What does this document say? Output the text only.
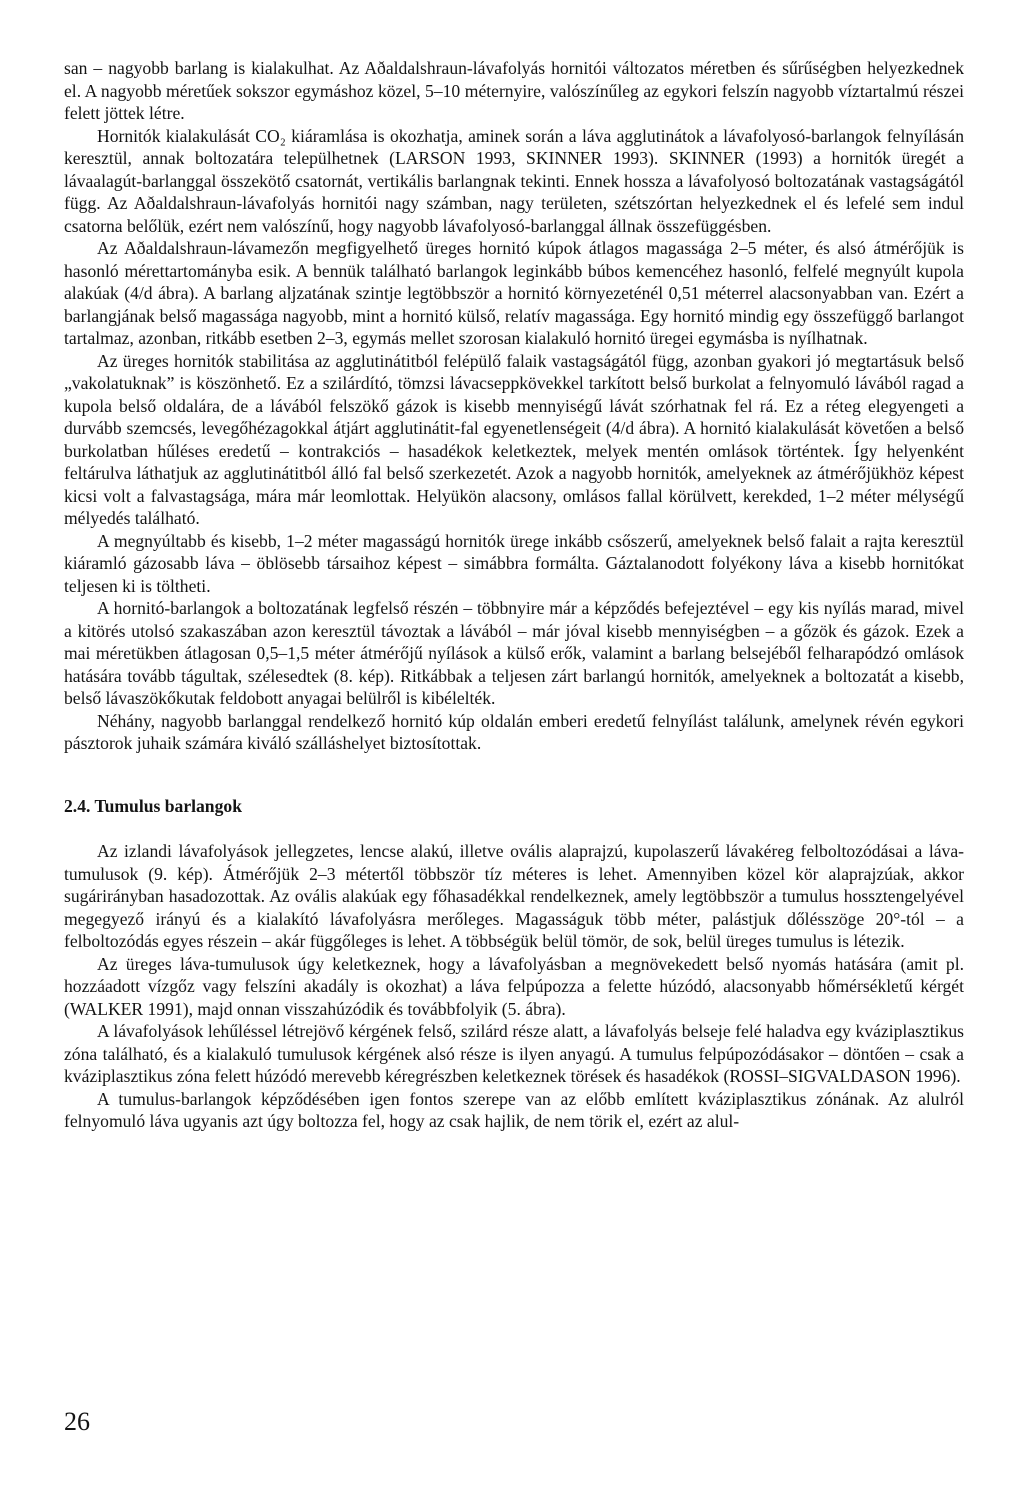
san – nagyobb barlang is kialakulhat. Az Aðaldalshraun-lávafolyás hornitói változatos méretben és sűrűségben helyezkednek el. A nagyobb méretűek sokszor egymáshoz közel, 5–10 méternyire, valószínűleg az egykori felszín nagyobb víztartalmú részei felett jöttek létre.

Hornitók kialakulását CO₂ kiáramlása is okozhatja, aminek során a láva agglutinátok a lávafolyosó-barlangok felnyílásán keresztül, annak boltozatára települhetnek (LARSON 1993, SKINNER 1993). SKINNER (1993) a hornitók üregét a lávaalagút-barlanggal összekötő csatornát, vertikális barlangnak tekinti. Ennek hossza a lávafolyosó boltozatának vastagságától függ. Az Aðaldalshraun-lávafolyás hornitói nagy számban, nagy területen, szétszórtan helyezkednek el és lefelé sem indul csatorna belőlük, ezért nem valószínű, hogy nagyobb lávafolyosó-barlanggal állnak összefüggésben.

Az Aðaldalshraun-lávamezőn megfigyelhető üreges hornitó kúpok átlagos magassága 2–5 méter, és alsó átmérőjük is hasonló mérettartományba esik. A bennük található barlangok leginkább búbos kemencéhez hasonló, felfelé megnyúlt kupola alakúak (4/d ábra). A barlang aljzatának szintje legtöbbször a hornitó környezeténél 0,51 méterrel alacsonyabban van. Ezért a barlangjának belső magassága nagyobb, mint a hornitó külső, relatív magassága. Egy hornitó mindig egy összefüggő barlangot tartalmaz, azonban, ritkább esetben 2–3, egymás mellet szorosan kialakuló hornitó üregei egymásba is nyílhatnak.

Az üreges hornitók stabilitása az agglutinátitból felépülő falaik vastagságától függ, azonban gyakori jó megtartásuk belső „vakolatuknak” is köszönhető. Ez a szilárdító, tömzsi lávacseppkövekkel tarkított belső burkolat a felnyomuló lávából ragad a kupola belső oldalára, de a lávából felszökő gázok is kisebb mennyiségű lávát szórhatnak fel rá. Ez a réteg elegyengeti a durvább szemcsés, levegőhézagokkal átjárt agglutinátit-fal egyenetlenségeit (4/d ábra). A hornitó kialakulását követően a belső burkolatban hűléses eredetű – kontrakciós – hasadékok keletkeztek, melyek mentén omlások történtek. Így helyenként feltárulva láthatjuk az agglutinátitból álló fal belső szerkezetét. Azok a nagyobb hornitók, amelyeknek az átmérőjükhöz képest kicsi volt a falvastagsága, mára már leomlottak. Helyükön alacsony, omlásos fallal körülvett, kerekded, 1–2 méter mélységű mélyedés található.

A megnyúltabb és kisebb, 1–2 méter magasságú hornitók ürege inkább csőszerű, amelyeknek belső falait a rajta keresztül kiáramló gázosabb láva – öblösebb társaihoz képest – simábbra formálta. Gáztalanodott folyékony láva a kisebb hornitókat teljesen ki is töltheti.

A hornitó-barlangok a boltozatának legfelső részén – többnyire már a képződés befejeztével – egy kis nyílás marad, mivel a kitörés utolsó szakaszában azon keresztül távoztak a lávából – már jóval kisebb mennyiségben – a gőzök és gázok. Ezek a mai méretükben átlagosan 0,5–1,5 méter átmérőjű nyílások a külső erők, valamint a barlang belsejéből felharapódzó omlások hatására tovább tágultak, szélesedtek (8. kép). Ritkábbak a teljesen zárt barlangú hornitók, amelyeknek a boltozatát a kisebb, belső lávaszökőkutak feldobott anyagai belülről is kibélelték.

Néhány, nagyobb barlanggal rendelkező hornitó kúp oldalán emberi eredetű felnyílást találunk, amelynek révén egykori pásztorok juhaik számára kiváló szálláshelyet biztosítottak.

2.4. Tumulus barlangok

Az izlandi lávafolyások jellegzetes, lencse alakú, illetve ovális alaprajzú, kupolaszerű lávakéreg felboltozódásai a láva-tumulusok (9. kép). Átmérőjük 2–3 métertől többször tíz méteres is lehet. Amennyiben közel kör alaprajzúak, akkor sugárirányban hasadozottak. Az ovális alakúak egy főhasadékkal rendelkeznek, amely legtöbbször a tumulus hossztengelyével megegyező irányú és a kialakító lávafolyásra merőleges. Magasságuk több méter, palástjuk dőlésszöge 20°-tól – a felboltozódás egyes részein – akár függőleges is lehet. A többségük belül tömör, de sok, belül üreges tumulus is létezik.

Az üreges láva-tumulusok úgy keletkeznek, hogy a lávafolyásban a megnövekedett belső nyomás hatására (amit pl. hozzáadott vízgőz vagy felszíni akadály is okozhat) a láva felpúpozza a felette húzódó, alacsonyabb hőmérsékletű kérgét (WALKER 1991), majd onnan visszahúzódik és továbbfolyik (5. ábra).

A lávafolyások lehűléssel létrejövő kérgének felső, szilárd része alatt, a lávafolyás belseje felé haladva egy kváziplasztikus zóna található, és a kialakuló tumulusok kérgének alsó része is ilyen anyagú. A tumulus felpúpozódásakor – döntően – csak a kváziplasztikus zóna felett húzódó merevebb kéregrészben keletkeznek törések és hasadékok (ROSSI–SIGVALDASON 1996).

A tumulus-barlangok képződésében igen fontos szerepe van az előbb említett kváziplasztikus zónának. Az alulról felnyomuló láva ugyanis azt úgy boltozza fel, hogy az csak hajlik, de nem törik el, ezért az alul-

26
